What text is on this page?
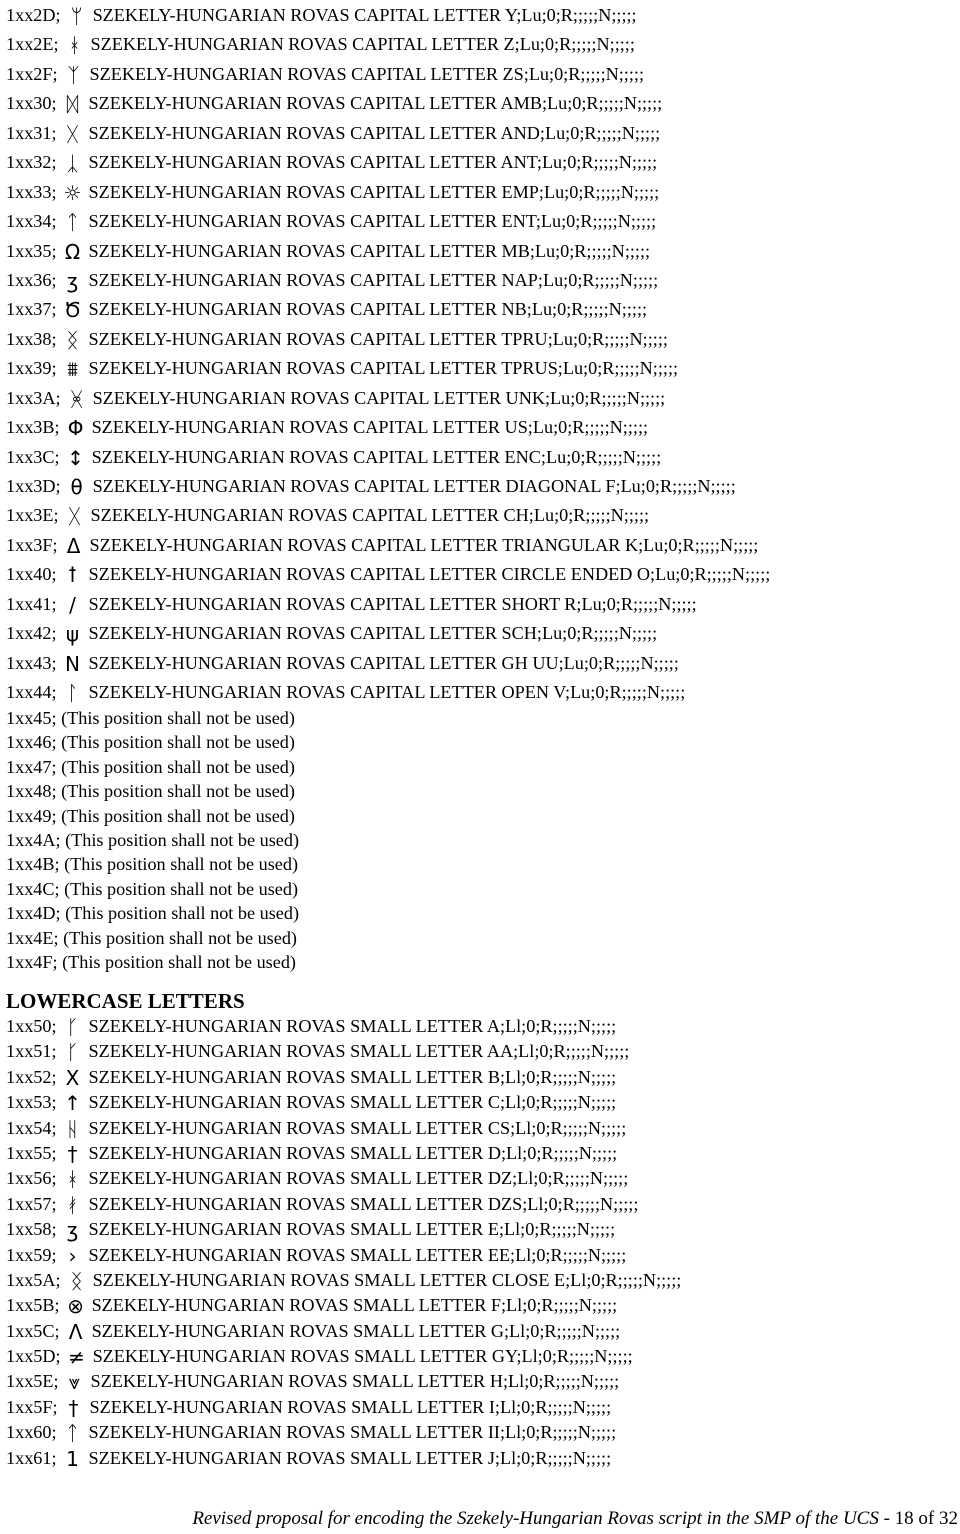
1xx2D; ᛘ SZEKELY-HUNGARIAN ROVAS CAPITAL LETTER Y;Lu;0;R;;;;;N;;;;;
1xx2E; ᚼ SZEKELY-HUNGARIAN ROVAS CAPITAL LETTER Z;Lu;0;R;;;;;N;;;;;
1xx2F; ᛉ SZEKELY-HUNGARIAN ROVAS CAPITAL LETTER ZS;Lu;0;R;;;;;N;;;;;
1xx30; ᛞ SZEKELY-HUNGARIAN ROVAS CAPITAL LETTER AMB;Lu;0;R;;;;;N;;;;;
1xx31; ᚷ SZEKELY-HUNGARIAN ROVAS CAPITAL LETTER AND;Lu;0;R;;;;;N;;;;;
1xx32; ᛣ SZEKELY-HUNGARIAN ROVAS CAPITAL LETTER ANT;Lu;0;R;;;;;N;;;;;
1xx33; ☼ SZEKELY-HUNGARIAN ROVAS CAPITAL LETTER EMP;Lu;0;R;;;;;N;;;;;
1xx34; ᛏ SZEKELY-HUNGARIAN ROVAS CAPITAL LETTER ENT;Lu;0;R;;;;;N;;;;;
1xx35; Ω SZEKELY-HUNGARIAN ROVAS CAPITAL LETTER MB;Lu;0;R;;;;;N;;;;;
1xx36; ʒ SZEKELY-HUNGARIAN ROVAS CAPITAL LETTER NAP;Lu;0;R;;;;;N;;;;;
1xx37; Ծ SZEKELY-HUNGARIAN ROVAS CAPITAL LETTER NB;Lu;0;R;;;;;N;;;;;
1xx38; ᛝ SZEKELY-HUNGARIAN ROVAS CAPITAL LETTER TPRU;Lu;0;R;;;;;N;;;;;
1xx39; ⩩ SZEKELY-HUNGARIAN ROVAS CAPITAL LETTER TPRUS;Lu;0;R;;;;;N;;;;;
1xx3A; ᚸ SZEKELY-HUNGARIAN ROVAS CAPITAL LETTER UNK;Lu;0;R;;;;;N;;;;;
1xx3B; Φ SZEKELY-HUNGARIAN ROVAS CAPITAL LETTER US;Lu;0;R;;;;;N;;;;;
1xx3C; ↕ SZEKELY-HUNGARIAN ROVAS CAPITAL LETTER ENC;Lu;0;R;;;;;N;;;;;
1xx3D; θ SZEKELY-HUNGARIAN ROVAS CAPITAL LETTER DIAGONAL F;Lu;0;R;;;;;N;;;;;
1xx3E; ᚷ SZEKELY-HUNGARIAN ROVAS CAPITAL LETTER CH;Lu;0;R;;;;;N;;;;;
1xx3F; Δ SZEKELY-HUNGARIAN ROVAS CAPITAL LETTER TRIANGULAR K;Lu;0;R;;;;;N;;;;;
1xx40; ꝉ SZEKELY-HUNGARIAN ROVAS CAPITAL LETTER CIRCLE ENDED O;Lu;0;R;;;;;N;;;;;
1xx41; / SZEKELY-HUNGARIAN ROVAS CAPITAL LETTER SHORT R;Lu;0;R;;;;;N;;;;;
1xx42; ψ SZEKELY-HUNGARIAN ROVAS CAPITAL LETTER SCH;Lu;0;R;;;;;N;;;;;
1xx43; Ν SZEKELY-HUNGARIAN ROVAS CAPITAL LETTER GH UU;Lu;0;R;;;;;N;;;;;
1xx44; ᛚ SZEKELY-HUNGARIAN ROVAS CAPITAL LETTER OPEN V;Lu;0;R;;;;;N;;;;;
1xx45; (This position shall not be used)
1xx46; (This position shall not be used)
1xx47; (This position shall not be used)
1xx48; (This position shall not be used)
1xx49; (This position shall not be used)
1xx4A; (This position shall not be used)
1xx4B; (This position shall not be used)
1xx4C; (This position shall not be used)
1xx4D; (This position shall not be used)
1xx4E; (This position shall not be used)
1xx4F; (This position shall not be used)
LOWERCASE LETTERS
1xx50; ᚴ SZEKELY-HUNGARIAN ROVAS SMALL LETTER A;Ll;0;R;;;;;N;;;;;
1xx51; ᚴ SZEKELY-HUNGARIAN ROVAS SMALL LETTER AA;Ll;0;R;;;;;N;;;;;
1xx52; X SZEKELY-HUNGARIAN ROVAS SMALL LETTER B;Ll;0;R;;;;;N;;;;;
1xx53; ↑ SZEKELY-HUNGARIAN ROVAS SMALL LETTER C;Ll;0;R;;;;;N;;;;;
1xx54; ᚺ SZEKELY-HUNGARIAN ROVAS SMALL LETTER CS;Ll;0;R;;;;;N;;;;;
1xx55; † SZEKELY-HUNGARIAN ROVAS SMALL LETTER D;Ll;0;R;;;;;N;;;;;
1xx56; ᚼ SZEKELY-HUNGARIAN ROVAS SMALL LETTER DZ;Ll;0;R;;;;;N;;;;;
1xx57; ᚯ SZEKELY-HUNGARIAN ROVAS SMALL LETTER DZS;Ll;0;R;;;;;N;;;;;
1xx58; ʒ SZEKELY-HUNGARIAN ROVAS SMALL LETTER E;Ll;0;R;;;;;N;;;;;
1xx59; › SZEKELY-HUNGARIAN ROVAS SMALL LETTER EE;Ll;0;R;;;;;N;;;;;
1xx5A; ᛝ SZEKELY-HUNGARIAN ROVAS SMALL LETTER CLOSE E;Ll;0;R;;;;;N;;;;;
1xx5B; ⊗ SZEKELY-HUNGARIAN ROVAS SMALL LETTER F;Ll;0;R;;;;;N;;;;;
1xx5C; Λ SZEKELY-HUNGARIAN ROVAS SMALL LETTER G;Ll;0;R;;;;;N;;;;;
1xx5D; ≠ SZEKELY-HUNGARIAN ROVAS SMALL LETTER GY;Ll;0;R;;;;;N;;;;;
1xx5E; ⩔ SZEKELY-HUNGARIAN ROVAS SMALL LETTER H;Ll;0;R;;;;;N;;;;;
1xx5F; † SZEKELY-HUNGARIAN ROVAS SMALL LETTER I;Ll;0;R;;;;;N;;;;;
1xx60; ᛏ SZEKELY-HUNGARIAN ROVAS SMALL LETTER II;Ll;0;R;;;;;N;;;;;
1xx61; 1 SZEKELY-HUNGARIAN ROVAS SMALL LETTER J;Ll;0;R;;;;;N;;;;;
Revised proposal for encoding the Szekely-Hungarian Rovas script in the SMP of the UCS - 18 of 32
